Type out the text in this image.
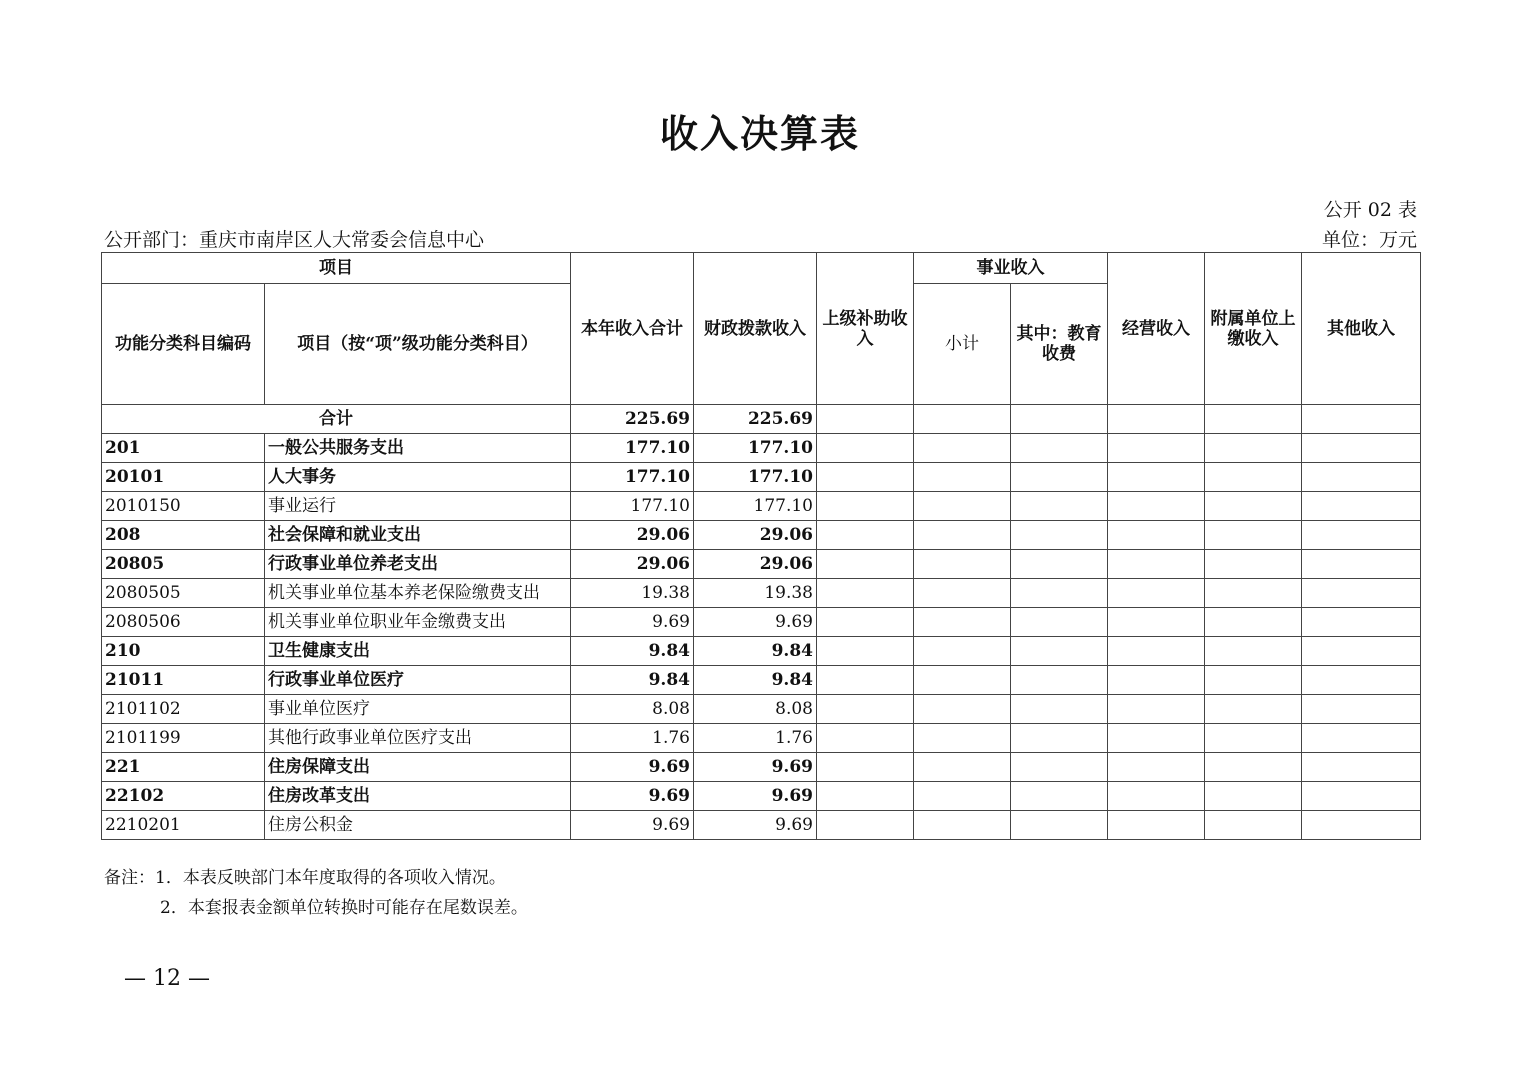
收入决算表
公开 02 表
公开部门：重庆市南岸区人大常委会信息中心	单位：万元
项目		本年收入合计	财政拨款收入	上级补助收入	事业收入		经营收入	附属单位上缴收入	其他收入
功能分类科目编码	项目（按“项”级功能分类科目）				小计	其中：教育收费			
合计		225.69	225.69						
201	一般公共服务支出	177.10	177.10						
20101	人大事务	177.10	177.10						
2010150	事业运行	177.10	177.10						
208	社会保障和就业支出	29.06	29.06						
20805	行政事业单位养老支出	29.06	29.06						
2080505	机关事业单位基本养老保险缴费支出	19.38	19.38						
2080506	机关事业单位职业年金缴费支出	9.69	9.69						
210	卫生健康支出	9.84	9.84						
21011	行政事业单位医疗	9.84	9.84						
2101102	事业单位医疗	8.08	8.08						
2101199	其他行政事业单位医疗支出	1.76	1.76						
221	住房保障支出	9.69	9.69						
22102	住房改革支出	9.69	9.69						
2210201	住房公积金	9.69	9.69						
备注：1．本表反映部门本年度取得的各项收入情况。
2．本套报表金额单位转换时可能存在尾数误差。
— 12 —
